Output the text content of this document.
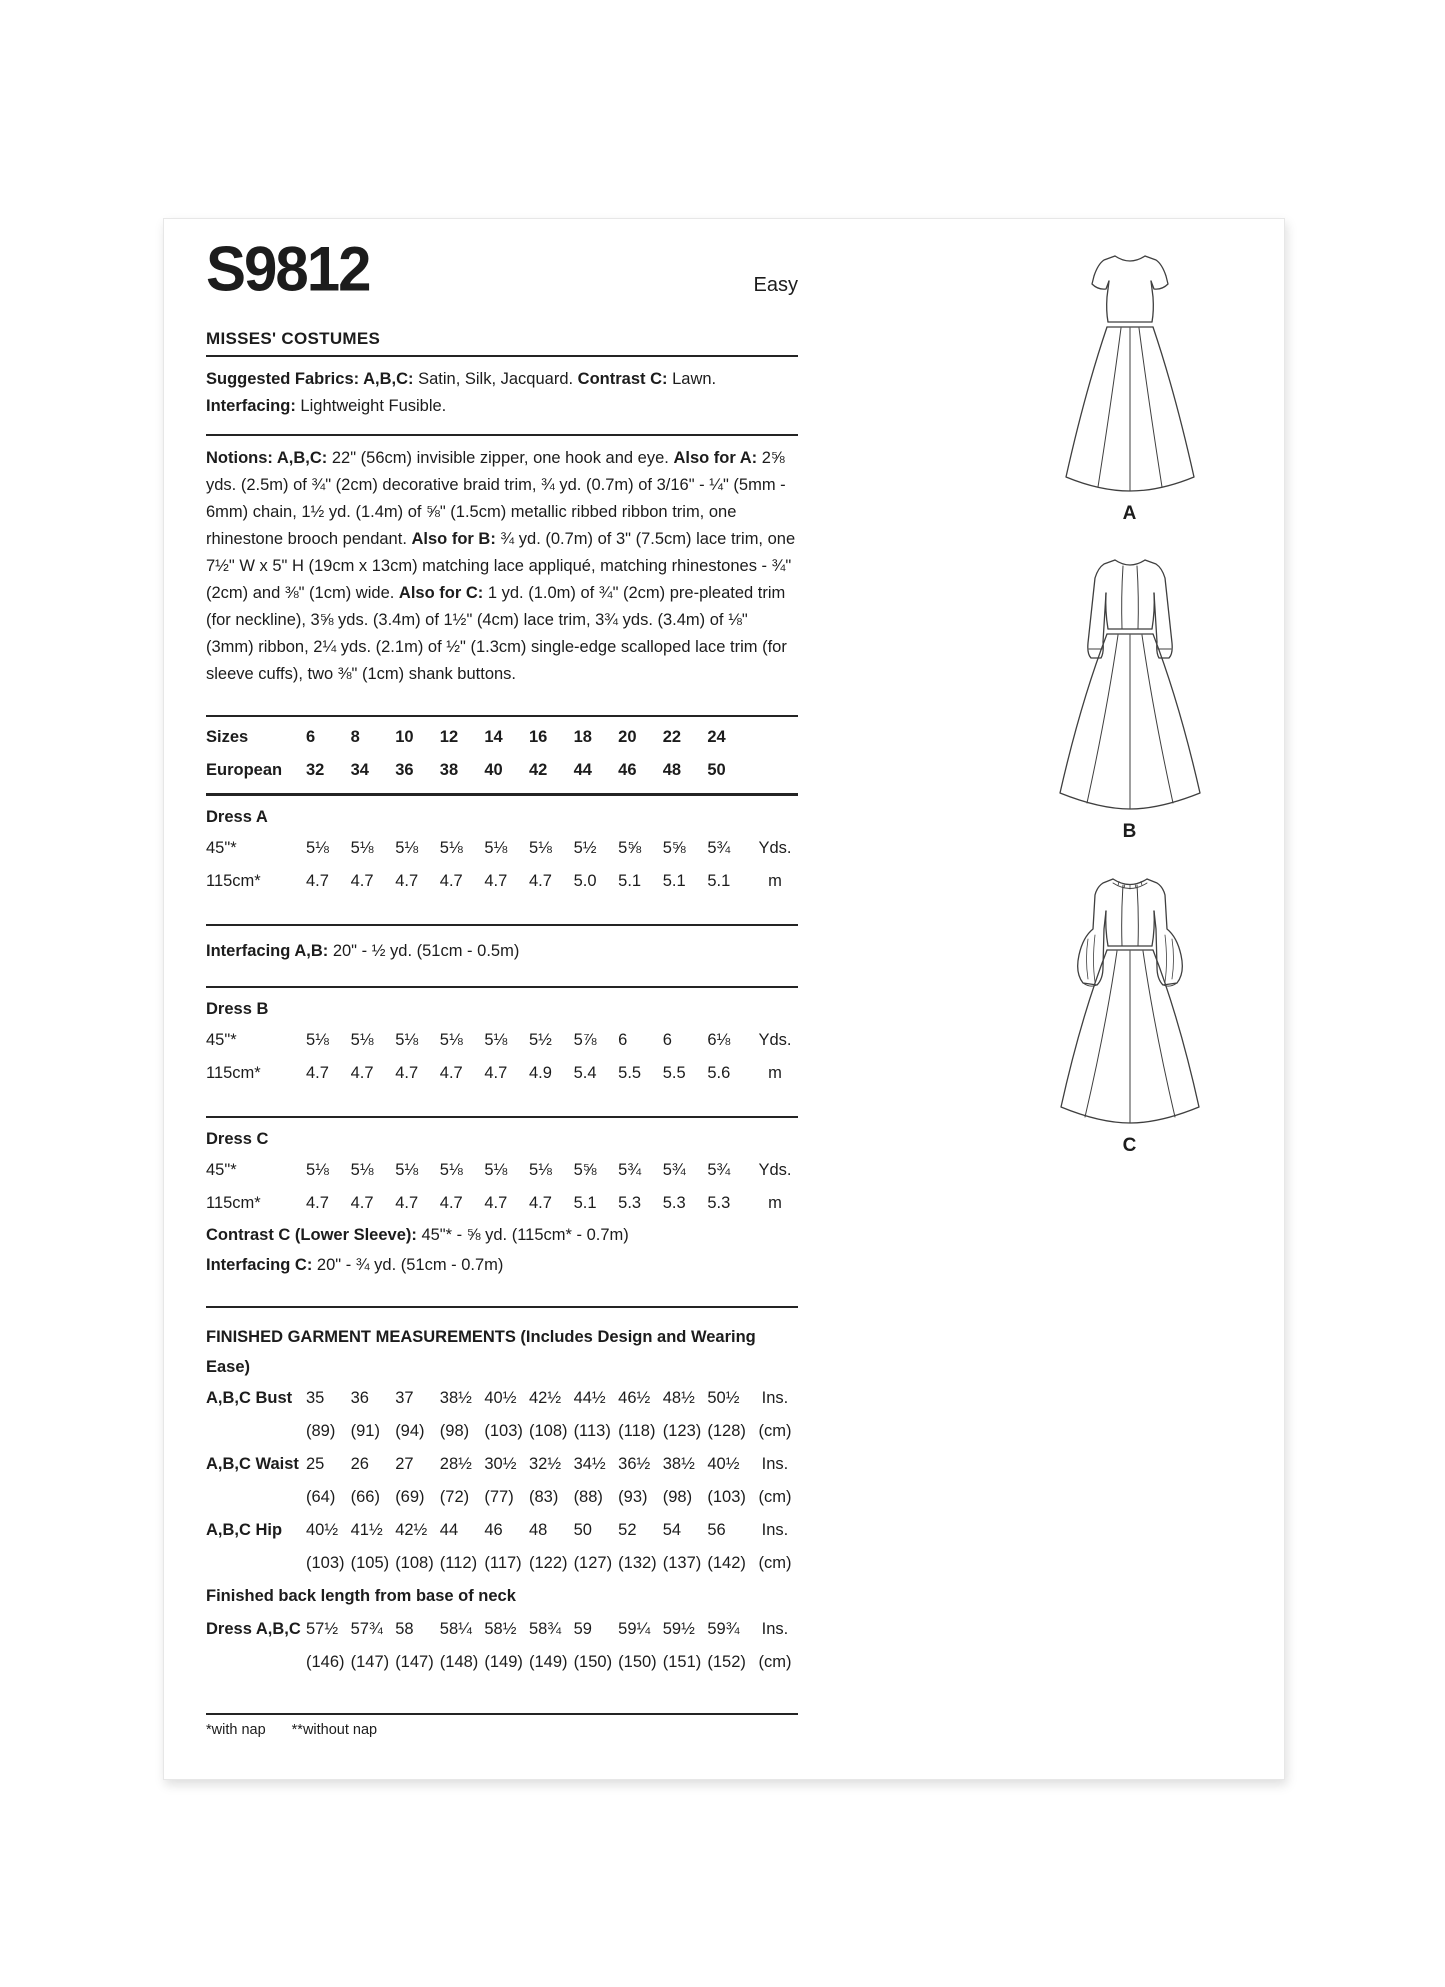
S9812	Easy
MISSES' COSTUMES

Suggested Fabrics: A,B,C: Satin, Silk, Jacquard. Contrast C: Lawn. Interfacing: Lightweight Fusible.

Notions: A,B,C: 22" (56cm) invisible zipper, one hook and eye. Also for A: 2⅝ yds. (2.5m) of ¾" (2cm) decorative braid trim, ¾ yd. (0.7m) of 3/16" - ¼" (5mm - 6mm) chain, 1½ yd. (1.4m) of ⅝" (1.5cm) metallic ribbed ribbon trim, one rhinestone brooch pendant. Also for B: ¾ yd. (0.7m) of 3" (7.5cm) lace trim, one 7½" W x 5" H (19cm x 13cm) matching lace appliqué, matching rhinestones - ¾" (2cm) and ⅜" (1cm) wide. Also for C: 1 yd. (1.0m) of ¾" (2cm) pre-pleated trim (for neckline), 3⅝ yds. (3.4m) of 1½" (4cm) lace trim, 3¾ yds. (3.4m) of ⅛" (3mm) ribbon, 2¼ yds. (2.1m) of ½" (1.3cm) single-edge scalloped lace trim (for sleeve cuffs), two ⅜" (1cm) shank buttons.

Sizes	6	8	10	12	14	16	18	20	22	24
European	32	34	36	38	40	42	44	46	48	50
Dress A
45"*	5⅛	5⅛	5⅛	5⅛	5⅛	5⅛	5½	5⅝	5⅝	5¾	Yds.
115cm*	4.7	4.7	4.7	4.7	4.7	4.7	5.0	5.1	5.1	5.1	m
Interfacing A,B: 20" - ½ yd. (51cm - 0.5m)
Dress B
45"*	5⅛	5⅛	5⅛	5⅛	5⅛	5½	5⅞	6	6	6⅛	Yds.
115cm*	4.7	4.7	4.7	4.7	4.7	4.9	5.4	5.5	5.5	5.6	m
Dress C
45"*	5⅛	5⅛	5⅛	5⅛	5⅛	5⅛	5⅝	5¾	5¾	5¾	Yds.
115cm*	4.7	4.7	4.7	4.7	4.7	4.7	5.1	5.3	5.3	5.3	m
Contrast C (Lower Sleeve): 45"* - ⅝ yd. (115cm* - 0.7m)
Interfacing C: 20" - ¾ yd. (51cm - 0.7m)
FINISHED GARMENT MEASUREMENTS (Includes Design and Wearing Ease)
A,B,C Bust 35	36	37	38½ 40½ 42½ 44½ 46½ 48½ 50½	Ins.
(89) (91) (94) (98) (103) (108) (113) (118) (123) (128) (cm)
A,B,C Waist 25	26	27	28½ 30½ 32½ 34½ 36½ 38½ 40½	Ins.
(64) (66) (69) (72) (77) (83) (88) (93) (98) (103) (cm)
A,B,C Hip	40½ 41½ 42½ 44	46	48	50	52	54	56	Ins.
(103) (105) (108) (112) (117) (122) (127) (132) (137) (142) (cm)
Finished back length from base of neck
Dress A,B,C 57½ 57¾ 58	58¼ 58½ 58¾ 59	59¼ 59½ 59¾	Ins.
(146) (147) (147) (148) (149) (149) (150) (150) (151) (152) (cm)
*with nap **without nap
A
B
C
